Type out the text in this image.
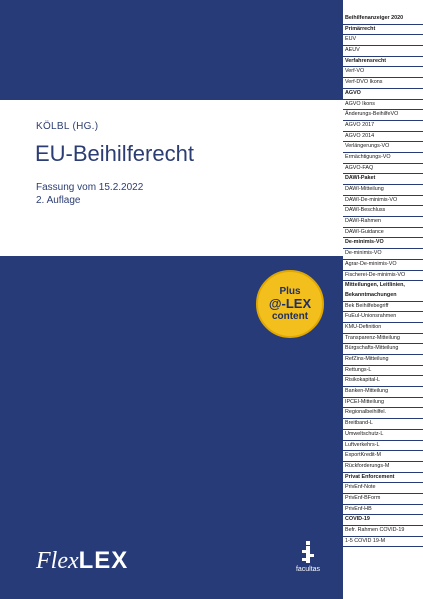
KÖLBL (HG.)
EU-Beihilferecht
Fassung vom 15.2.2022
2. Auflage
Plus
@-LEX
content
FlexLEX	facultas
Beihilfenanzeiger 2020
Primärrecht
EUV
AEUV
Verfahrensrecht
Verf-VO
Verf-DVO Ikons
AGVO
AGVO Ikons
Änderungs-BeihilfeVO
AGVO 2017
AGVO 2014
Verlängerungs-VO
Ermächtigungs-VO
AGVO-FAQ
DAWI-Paket
DAWI-Mitteilung
DAWI-De-minimis-VO
DAWI-Beschluss
DAWI-Rahmen
DAWI-Guidance
De-minimis-VO
De-minimis-VO
Agrar-De-minimis-VO
Fischerei-De-minimis-VO
Mitteilungen, Leitlinien, Bekanntmachungen
Bek Beihilfebegriff
FuEuI-Unionsrahmen
KMU-Definition
Transparenz-Mitteilung
Bürgschafts-Mitteilung
RefZins-Mitteilung
Rettungs-L
Risikokapital-L
Banken-Mitteilung
IPCEI-Mitteilung
Regionalbeihilfel.
Breitband-L
Umweltschutz-L
Luftverkehrs-L
ExportKredit-M
Rückforderungs-M
Privat Enforcement
PrivEnf-Note
PrivEnf-BForm
PrivEnf-HB
COVID-19
Befr. Rahmen COVID-19
1-5 COVID 19-M
